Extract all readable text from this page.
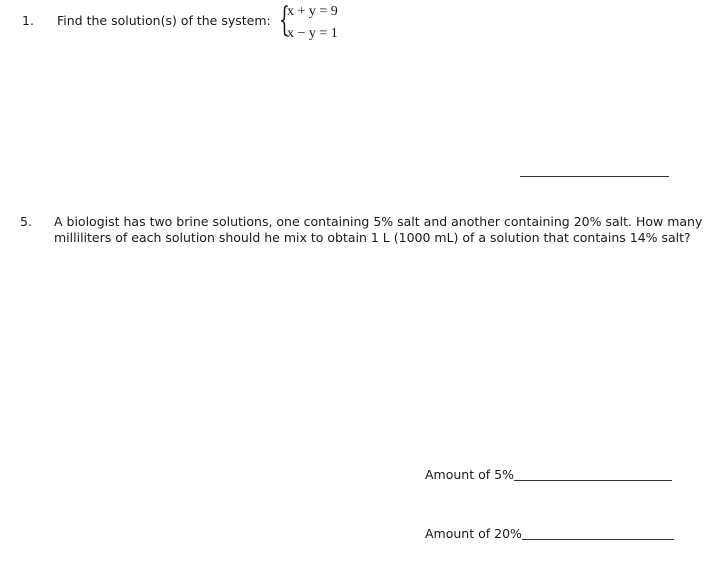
1. Find the solution(s) of the system: {
x + y = 9
x − y = 1
5. A biologist has two brine solutions, one containing 5% salt and another containing 20% salt. How many
milliliters of each solution should he mix to obtain 1 L (1000 mL) of a solution that contains 14% salt?
Amount of 5%
Amount of 20%
